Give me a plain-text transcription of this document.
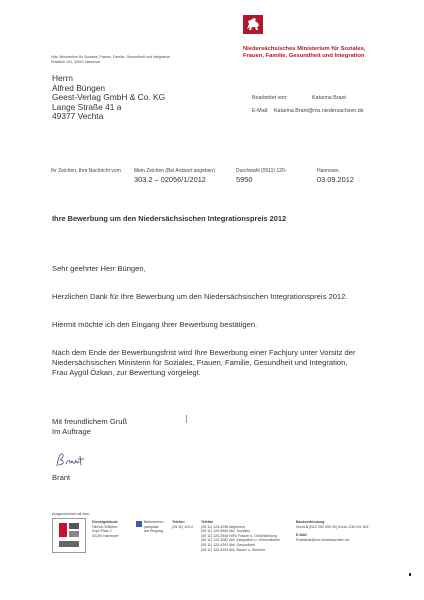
Niedersächsisches Ministerium für Soziales,
Frauen, Familie, Gesundheit und Integration
Nds. Ministerium für Soziales, Frauen, Familie, Gesundheit und Integration
Postfach 141, 30001 Hannover
Herrn
Alfred Büngen
Geest-Verlag GmbH & Co. KG
Lange Straße 41 a
49377 Vechta
Bearbeitet von:	Katarina Brant
E-Mail: Katarina.Brant@ms.niedersachsen.de
Ihr Zeichen, Ihre Nachricht vom	Mein Zeichen (Bei Antwort angeben)
303.2 – 02056/1/2012
Durchwahl (0511) 120-
5950
Hannover,
03.09.2012
Ihre Bewerbung um den Niedersächsischen Integrationspreis 2012
Sehr geehrter Herr Büngen,
Herzlichen Dank für Ihre Bewerbung um den Niedersächsischen Integrationspreis 2012.
Hiermit möchte ich den Eingang Ihrer Bewerbung bestätigen.
Nach dem Ende der Bewerbungsfrist wird Ihre Bewerbung einer Fachjury unter Vorsitz der
Niedersächsischen Ministerin für Soziales, Frauen, Familie, Gesundheit und Integration,
Frau Aygül Özkan, zur Bewertung vorgelegt.
Mit freundlichem Gruß
Im Auftrage
Brant
Ausgezeichnet mit dem
Dienstgebäude
Hinrich-Wilhelm-
Kopf-Platz 2
30159 Hannover
Behinderten-
parkplatz
am Eingang
Telefon
(05 11) 120-0
Telefax
(05 11) 120-4298 Allgemein
(05 11) 120-5960 Abt. Soziales
(05 11) 120-2946 NiFü Frauen u. Gleichstellung
(05 11) 120-3082 Abt. Integration u. Generationen
(05 11) 120-4291 Abt. Gesundheit
(05 11) 120-4294 Abt. Bauen u. Wohnen
Bankverbindung
NordLB (BLZ 250 500 00) Konto 106 031 302
E-Mail
Poststelle@ms.niedersachsen.de
